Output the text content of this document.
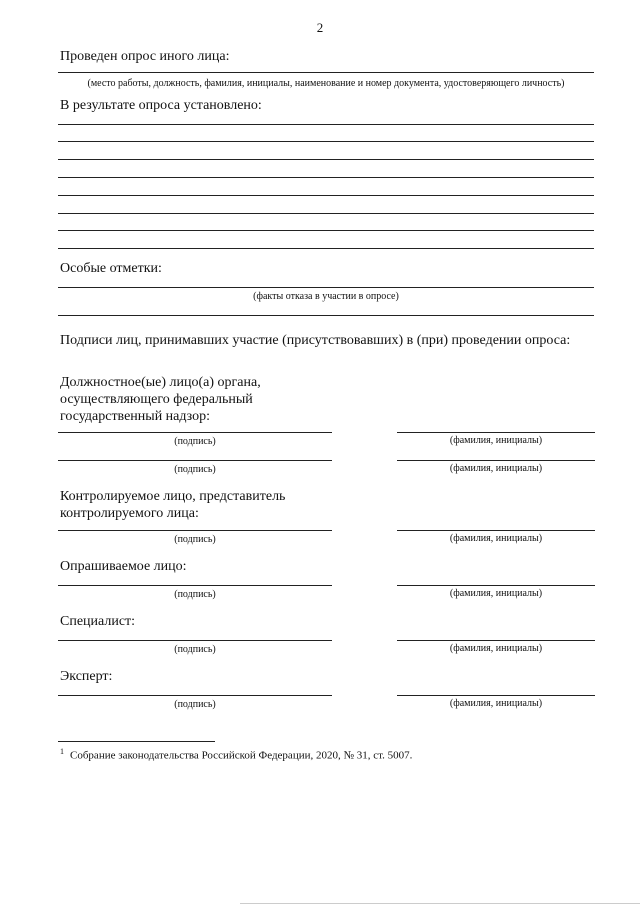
2
Проведен опрос иного лица:
(место работы, должность, фамилия, инициалы, наименование и номер документа, удостоверяющего личность)
В результате опроса установлено:
Особые отметки:
(факты отказа в участии в опросе)
Подписи лиц, принимавших участие (присутствовавших) в (при) проведении опроса:
Должностное(ые) лицо(а) органа,
осуществляющего федеральный
государственный надзор:
(подпись)	(фамилия, инициалы)
(подпись)	(фамилия, инициалы)
Контролируемое лицо, представитель
контролируемого лица:
(подпись)	(фамилия, инициалы)
Опрашиваемое лицо:
(подпись)	(фамилия, инициалы)
Специалист:
(подпись)	(фамилия, инициалы)
Эксперт:
(подпись)	(фамилия, инициалы)
$^1$ Собрание законодательства Российской Федерации, 2020, № 31, ст. 5007.
